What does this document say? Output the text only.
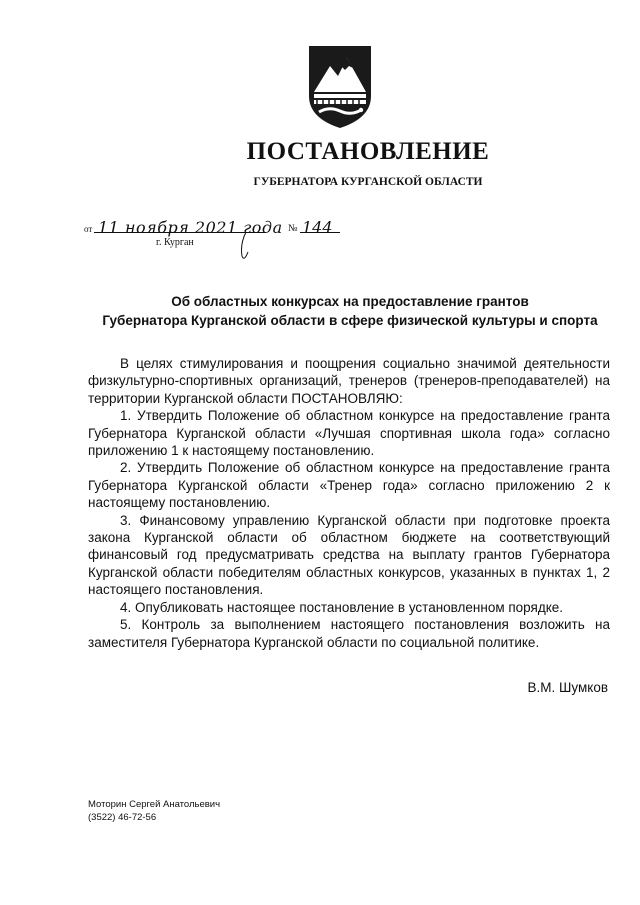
ПОСТАНОВЛЕНИЕ
ГУБЕРНАТОРА КУРГАНСКОЙ ОБЛАСТИ
от 11 ноября 2021 года № 144
г. Курган
Об областных конкурсах на предоставление грантов
Губернатора Курганской области в сфере физической культуры и спорта

В целях стимулирования и поощрения социально значимой деятельности физкультурно-спортивных организаций, тренеров (тренеров-преподавателей) на территории Курганской области ПОСТАНОВЛЯЮ:

1. Утвердить Положение об областном конкурсе на предоставление гранта Губернатора Курганской области «Лучшая спортивная школа года» согласно приложению 1 к настоящему постановлению.

2. Утвердить Положение об областном конкурсе на предоставление гранта Губернатора Курганской области «Тренер года» согласно приложению 2 к настоящему постановлению.

3. Финансовому управлению Курганской области при подготовке проекта закона Курганской области об областном бюджете на соответствующий финансовый год предусматривать средства на выплату грантов Губернатора Курганской области победителям областных конкурсов, указанных в пунктах 1, 2 настоящего постановления.

4. Опубликовать настоящее постановление в установленном порядке.

5. Контроль за выполнением настоящего постановления возложить на заместителя Губернатора Курганской области по социальной политике.

В.М. Шумков
Моторин Сергей Анатольевич
(3522) 46-72-56
